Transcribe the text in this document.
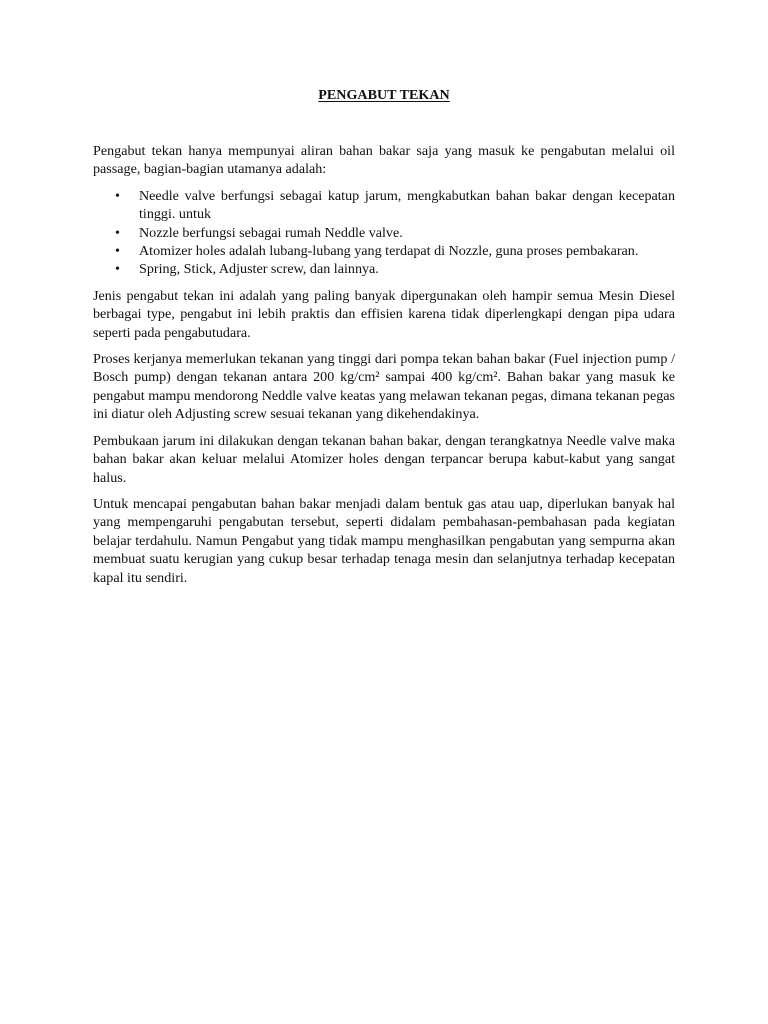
PENGABUT TEKAN

Pengabut tekan hanya mempunyai aliran bahan bakar saja yang masuk ke pengabutan melalui oil passage, bagian-bagian utamanya adalah:

• Needle valve berfungsi sebagai katup jarum, mengkabutkan bahan bakar dengan kecepatan tinggi. untuk
• Nozzle berfungsi sebagai rumah Neddle valve.
• Atomizer holes adalah lubang-lubang yang terdapat di Nozzle, guna proses pembakaran.
• Spring, Stick, Adjuster screw, dan lainnya.

Jenis pengabut tekan ini adalah yang paling banyak dipergunakan oleh hampir semua Mesin Diesel berbagai type, pengabut ini lebih praktis dan effisien karena tidak diperlengkapi dengan pipa udara seperti pada pengabutudara.

Proses kerjanya memerlukan tekanan yang tinggi dari pompa tekan bahan bakar (Fuel injection pump / Bosch pump) dengan tekanan antara 200 kg/cm² sampai 400 kg/cm². Bahan bakar yang masuk ke pengabut mampu mendorong Neddle valve keatas yang melawan tekanan pegas, dimana tekanan pegas ini diatur oleh Adjusting screw sesuai tekanan yang dikehendakinya.

Pembukaan jarum ini dilakukan dengan tekanan bahan bakar, dengan terangkatnya Needle valve maka bahan bakar akan keluar melalui Atomizer holes dengan terpancar berupa kabut-kabut yang sangat halus.

Untuk mencapai pengabutan bahan bakar menjadi dalam bentuk gas atau uap, diperlukan banyak hal yang mempengaruhi pengabutan tersebut, seperti didalam pembahasan-pembahasan pada kegiatan belajar terdahulu. Namun Pengabut yang tidak mampu menghasilkan pengabutan yang sempurna akan membuat suatu kerugian yang cukup besar terhadap tenaga mesin dan selanjutnya terhadap kecepatan kapal itu sendiri.
